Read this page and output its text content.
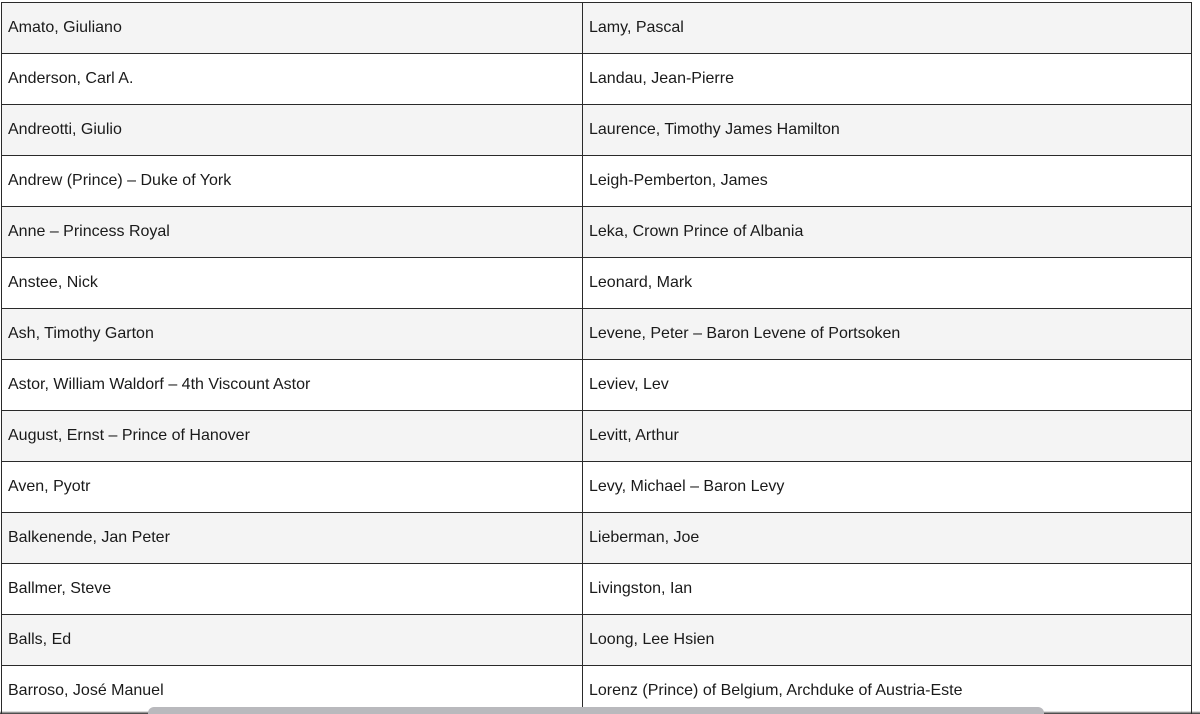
Amato, Giuliano	Lamy, Pascal
Anderson, Carl A.	Landau, Jean-Pierre
Andreotti, Giulio	Laurence, Timothy James Hamilton
Andrew (Prince) – Duke of York	Leigh-Pemberton, James
Anne – Princess Royal	Leka, Crown Prince of Albania
Anstee, Nick	Leonard, Mark
Ash, Timothy Garton	Levene, Peter – Baron Levene of Portsoken
Astor, William Waldorf – 4th Viscount Astor	Leviev, Lev
August, Ernst – Prince of Hanover	Levitt, Arthur
Aven, Pyotr	Levy, Michael – Baron Levy
Balkenende, Jan Peter	Lieberman, Joe
Ballmer, Steve	Livingston, Ian
Balls, Ed	Loong, Lee Hsien
Barroso, José Manuel	Lorenz (Prince) of Belgium, Archduke of Austria-Este
